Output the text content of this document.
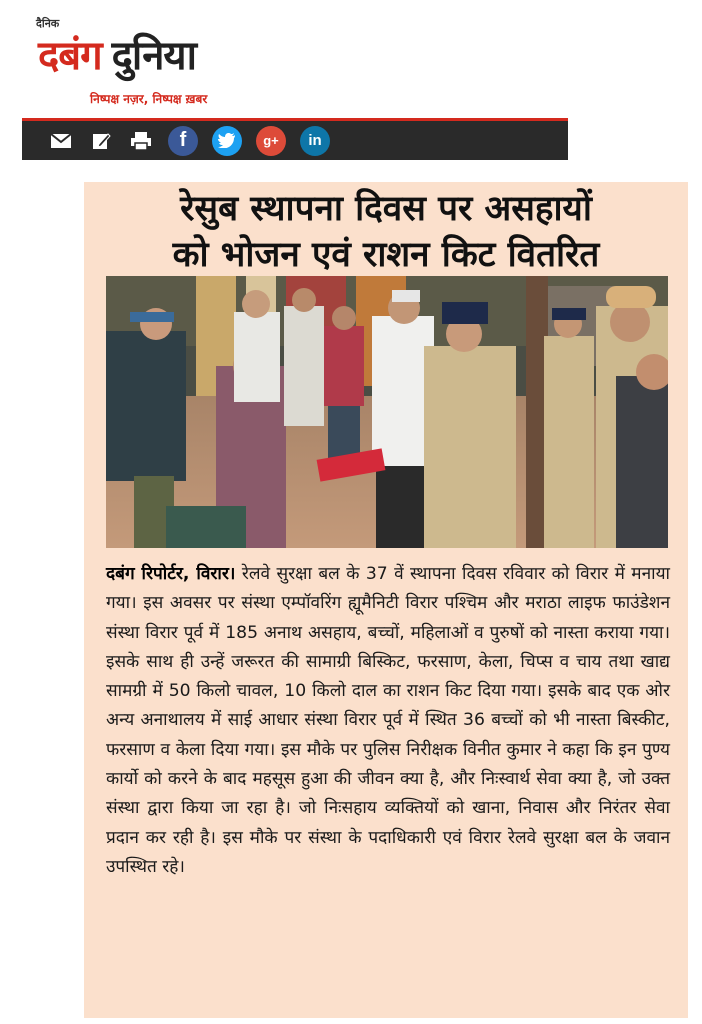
दैनिक
दबंग दुनिया
निष्पक्ष नज़र, निष्पक्ष ख़बर
f	g+	in
रेसुब स्थापना दिवस पर असहायों
को भोजन एवं राशन किट वितरित
दबंग रिपोर्टर, विरार। रेलवे सुरक्षा बल के 37 वें स्थापना दिवस रविवार को विरार में मनाया गया। इस अवसर पर संस्था एम्पॉवरिंग ह्यूमैनिटी विरार पश्चिम और मराठा लाइफ फाउंडेशन संस्था विरार पूर्व में 185 अनाथ असहाय, बच्चों, महिलाओं व पुरुषों को नास्ता कराया गया। इसके साथ ही उन्हें जरूरत की सामाग्री बिस्किट, फरसाण, केला, चिप्स व चाय तथा खाद्य सामग्री में 50 किलो चावल, 10 किलो दाल का राशन किट दिया गया। इसके बाद एक ओर अन्य अनाथालय में साई आधार संस्था विरार पूर्व में स्थित 36 बच्चों को भी नास्ता बिस्कीट, फरसाण व केला दिया गया। इस मौके पर पुलिस निरीक्षक विनीत कुमार ने कहा कि इन पुण्य कार्यो को करने के बाद महसूस हुआ की जीवन क्या है, और निःस्वार्थ सेवा क्या है, जो उक्त संस्था द्वारा किया जा रहा है। जो निःसहाय व्यक्तियों को खाना, निवास और निरंतर सेवा प्रदान कर रही है। इस मौके पर संस्था के पदाधिकारी एवं विरार रेलवे सुरक्षा बल के जवान उपस्थित रहे।
